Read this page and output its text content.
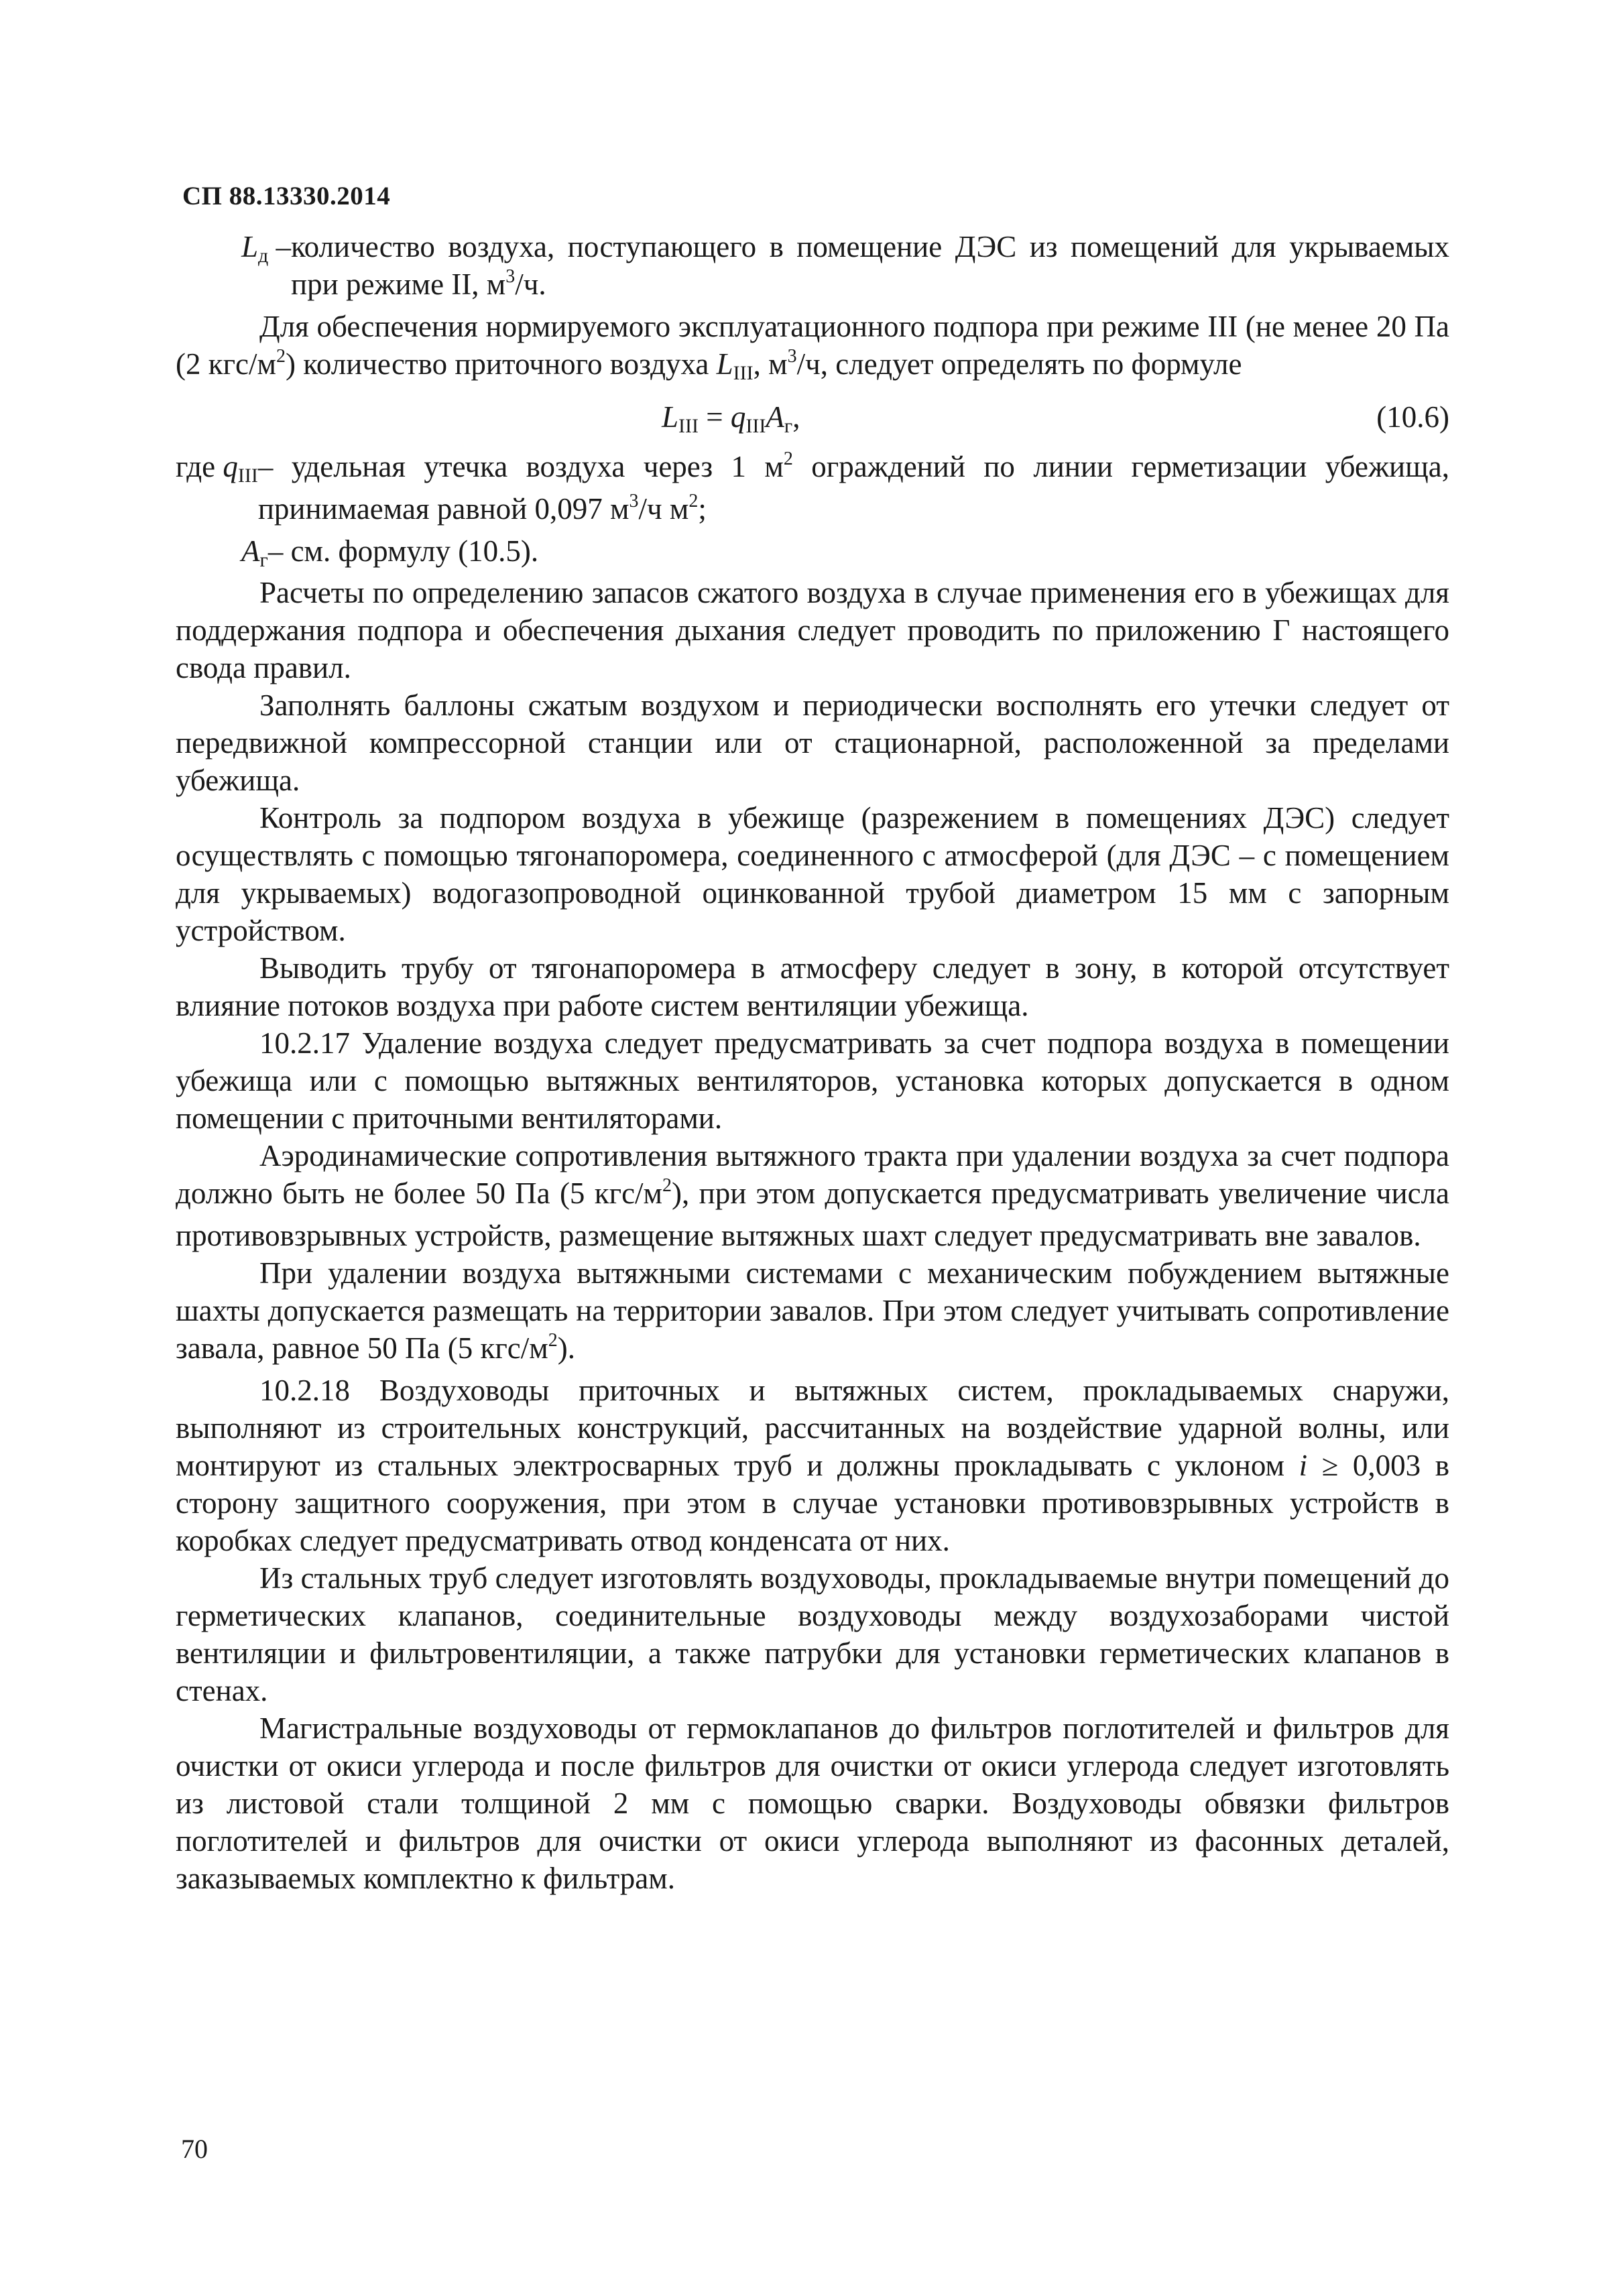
СП 88.13330.2014
Lд – количество воздуха, поступающего в помещение ДЭС из помещений для укрываемых при режиме II, $м^3/ч$.

Для обеспечения нормируемого эксплуатационного подпора при режиме III (не менее 20 Па (2 кгс/$м^2$) количество приточного воздуха LIII, $м^3/ч$, следует определять по формуле

LIII = qIIIAг,	(10.6)
где qIII – удельная утечка воздуха через 1 $м^2$ ограждений по линии герметизации убежища, принимаемая равной 0,097 $м^3/ч$ $м^2$;
Aг – см. формулу (10.5).

Расчеты по определению запасов сжатого воздуха в случае применения его в убежищах для поддержания подпора и обеспечения дыхания следует проводить по приложению Г настоящего свода правил.

Заполнять баллоны сжатым воздухом и периодически восполнять его утечки следует от передвижной компрессорной станции или от стационарной, расположенной за пределами убежища.

Контроль за подпором воздуха в убежище (разрежением в помещениях ДЭС) следует осуществлять с помощью тягонапоромера, соединенного с атмосферой (для ДЭС – с помещением для укрываемых) водогазопроводной оцинкованной трубой диаметром 15 мм с запорным устройством.

Выводить трубу от тягонапоромера в атмосферу следует в зону, в которой отсутствует влияние потоков воздуха при работе систем вентиляции убежища.

10.2.17 Удаление воздуха следует предусматривать за счет подпора воздуха в помещении убежища или с помощью вытяжных вентиляторов, установка которых допускается в одном помещении с приточными вентиляторами.

Аэродинамические сопротивления вытяжного тракта при удалении воздуха за счет подпора должно быть не более 50 Па (5 кгс/$м^2$), при этом допускается предусматривать увеличение числа противовзрывных устройств, размещение вытяжных шахт следует предусматривать вне завалов.

При удалении воздуха вытяжными системами с механическим побуждением вытяжные шахты допускается размещать на территории завалов. При этом следует учитывать сопротивление завала, равное 50 Па (5 кгс/$м^2$).

10.2.18 Воздуховоды приточных и вытяжных систем, прокладываемых снаружи, выполняют из строительных конструкций, рассчитанных на воздействие ударной волны, или монтируют из стальных электросварных труб и должны прокладывать с уклоном i ≥ 0,003 в сторону защитного сооружения, при этом в случае установки противовзрывных устройств в коробках следует предусматривать отвод конденсата от них.

Из стальных труб следует изготовлять воздуховоды, прокладываемые внутри помещений до герметических клапанов, соединительные воздуховоды между воздухозаборами чистой вентиляции и фильтровентиляции, а также патрубки для установки герметических клапанов в стенах.

Магистральные воздуховоды от гермоклапанов до фильтров поглотителей и фильтров для очистки от окиси углерода и после фильтров для очистки от окиси углерода следует изготовлять из листовой стали толщиной 2 мм с помощью сварки. Воздуховоды обвязки фильтров поглотителей и фильтров для очистки от окиси углерода выполняют из фасонных деталей, заказываемых комплектно к фильтрам.

70
